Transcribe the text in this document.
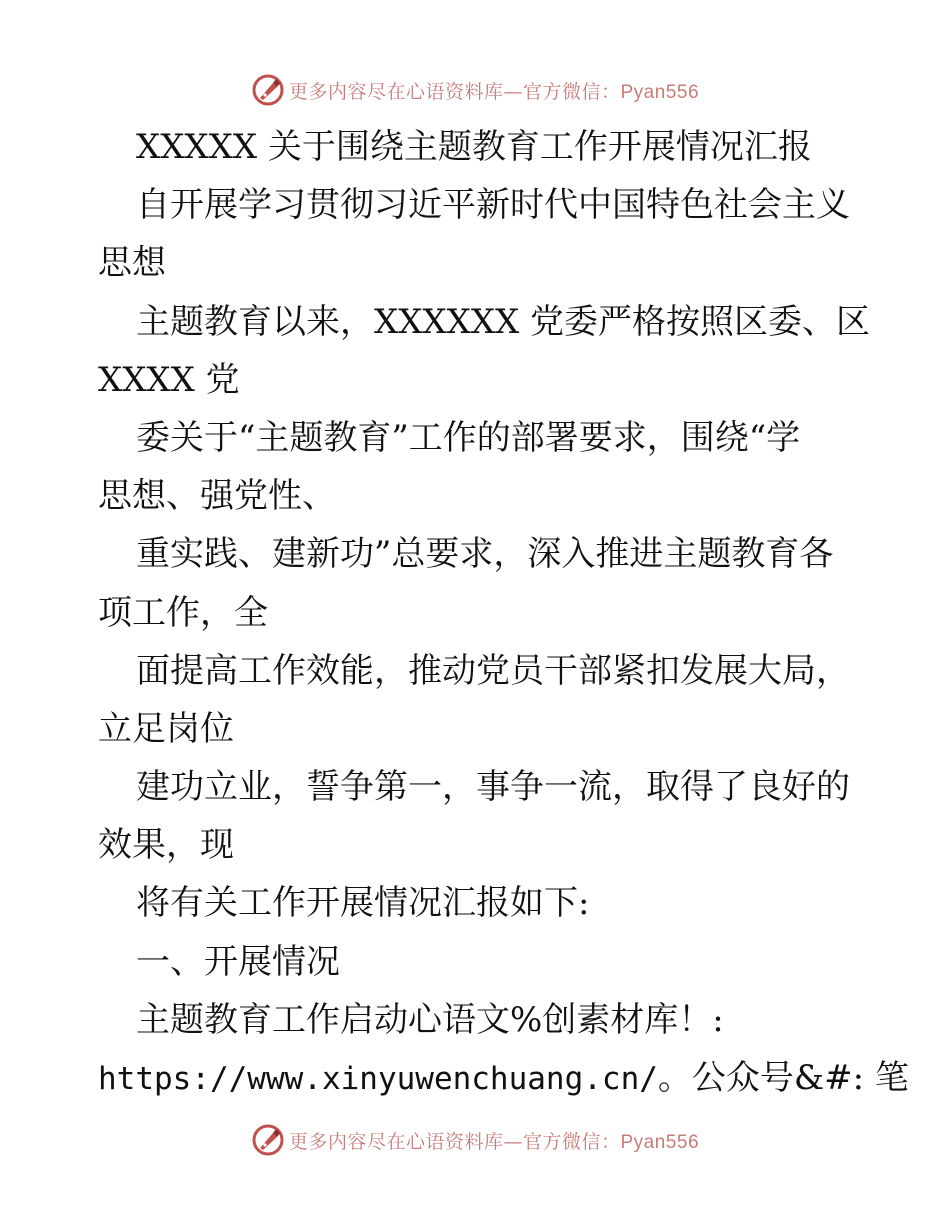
更多内容尽在心语资料库—官方微信：Pyan556
XXXXX 关于围绕主题教育工作开展情况汇报
自开展学习贯彻习近平新时代中国特色社会主义
思想
主题教育以来，XXXXXX 党委严格按照区委、区
XXXX 党
委关于“主题教育”工作的部署要求，围绕“学
思想、强党性、
重实践、建新功”总要求，深入推进主题教育各
项工作，全
面提高工作效能，推动党员干部紧扣发展大局，
立足岗位
建功立业，誓争第一，事争一流，取得了良好的
效果，现
将有关工作开展情况汇报如下:
一、开展情况
主题教育工作启动心语文%创素材库！:
https://www.xinyuwenchuang.cn/。公众号&#: 笔
更多内容尽在心语资料库—官方微信：Pyan556
